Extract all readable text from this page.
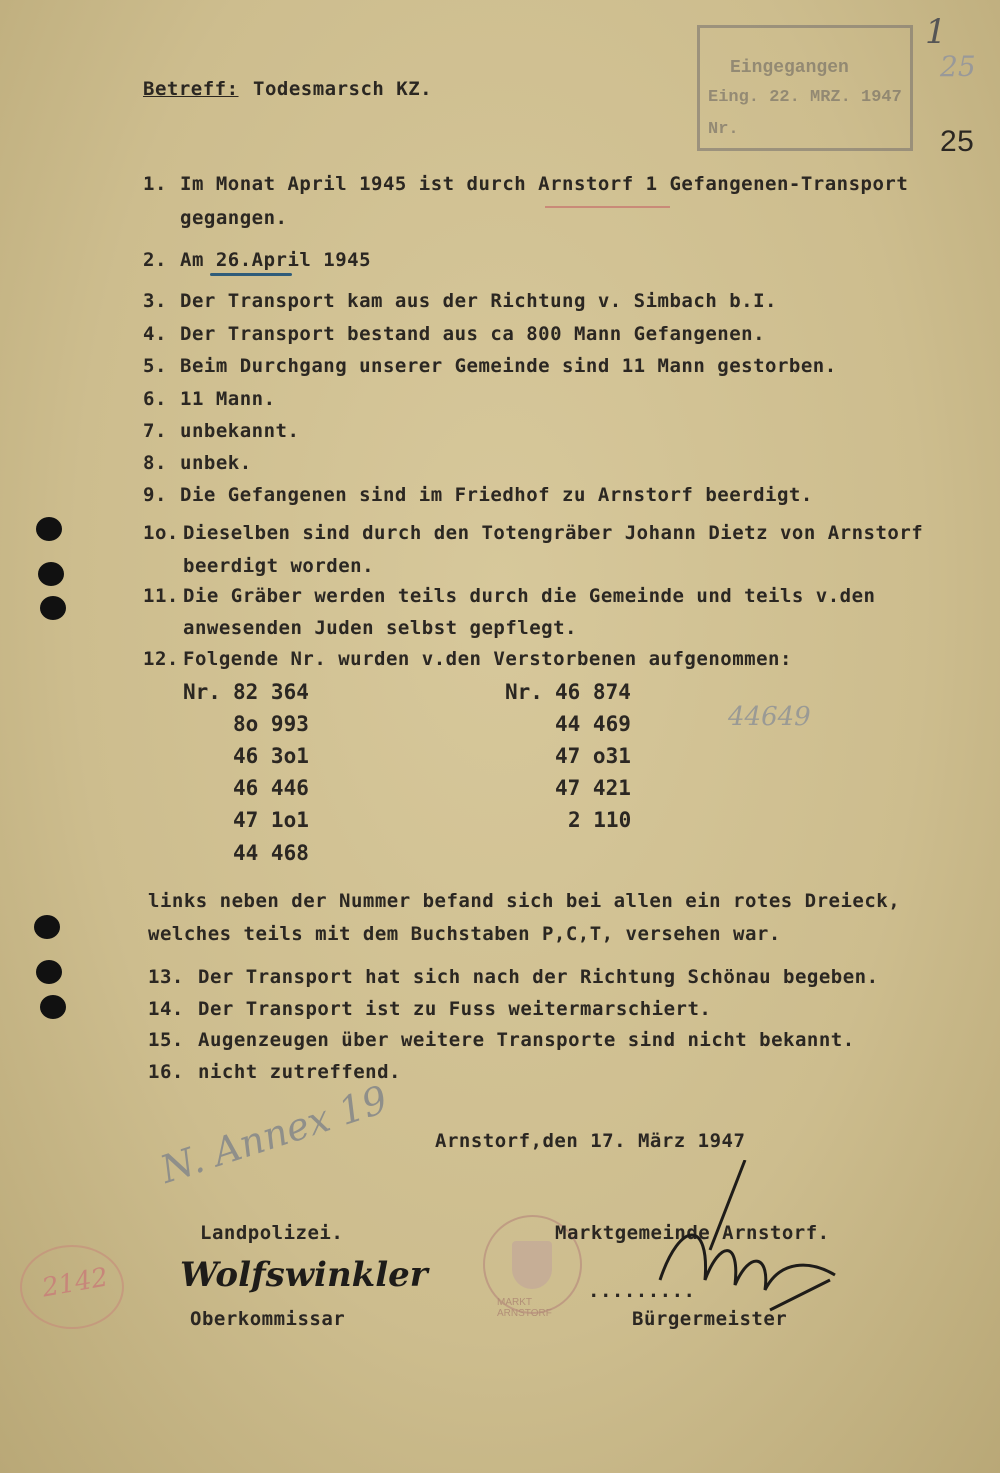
Betreff: Todesmarsch KZ.
Eingegangen
Eing. 22. MRZ. 1947
Nr.
1
25
25
1. Im Monat April 1945 ist durch Arnstorf 1 Gefangenen-Transport
gegangen.
2. Am 26.April 1945
3. Der Transport kam aus der Richtung v. Simbach b.I.
4. Der Transport bestand aus ca 800 Mann Gefangenen.
5. Beim Durchgang unserer Gemeinde sind 11 Mann gestorben.
6. 11 Mann.
7. unbekannt.
8. unbek.
9. Die Gefangenen sind im Friedhof zu Arnstorf beerdigt.
1o. Dieselben sind durch den Totengräber Johann Dietz von Arnstorf
beerdigt worden.
11. Die Gräber werden teils durch die Gemeinde und teils v.den
anwesenden Juden selbst gepflegt.
12. Folgende Nr. wurden v.den Verstorbenen aufgenommen:
Nr. 82 364
8o 993
46 3o1
46 446
47 1o1
44 468
Nr. 46 874
44 469
47 o31
47 421
2 110
44649
links neben der Nummer befand sich bei allen ein rotes Dreieck,
welches teils mit dem Buchstaben P,C,T, versehen war.
13. Der Transport hat sich nach der Richtung Schönau begeben.
14. Der Transport ist zu Fuss weitermarschiert.
15. Augenzeugen über weitere Transporte sind nicht bekannt.
16. nicht zutreffend.
Arnstorf,den 17. März 1947
N. Annex 19
Landpolizei.
Wolfswinkler
Oberkommissar
2142	MARKT ARNSTORF
Marktgemeinde Arnstorf.
.........
Bürgermeister
